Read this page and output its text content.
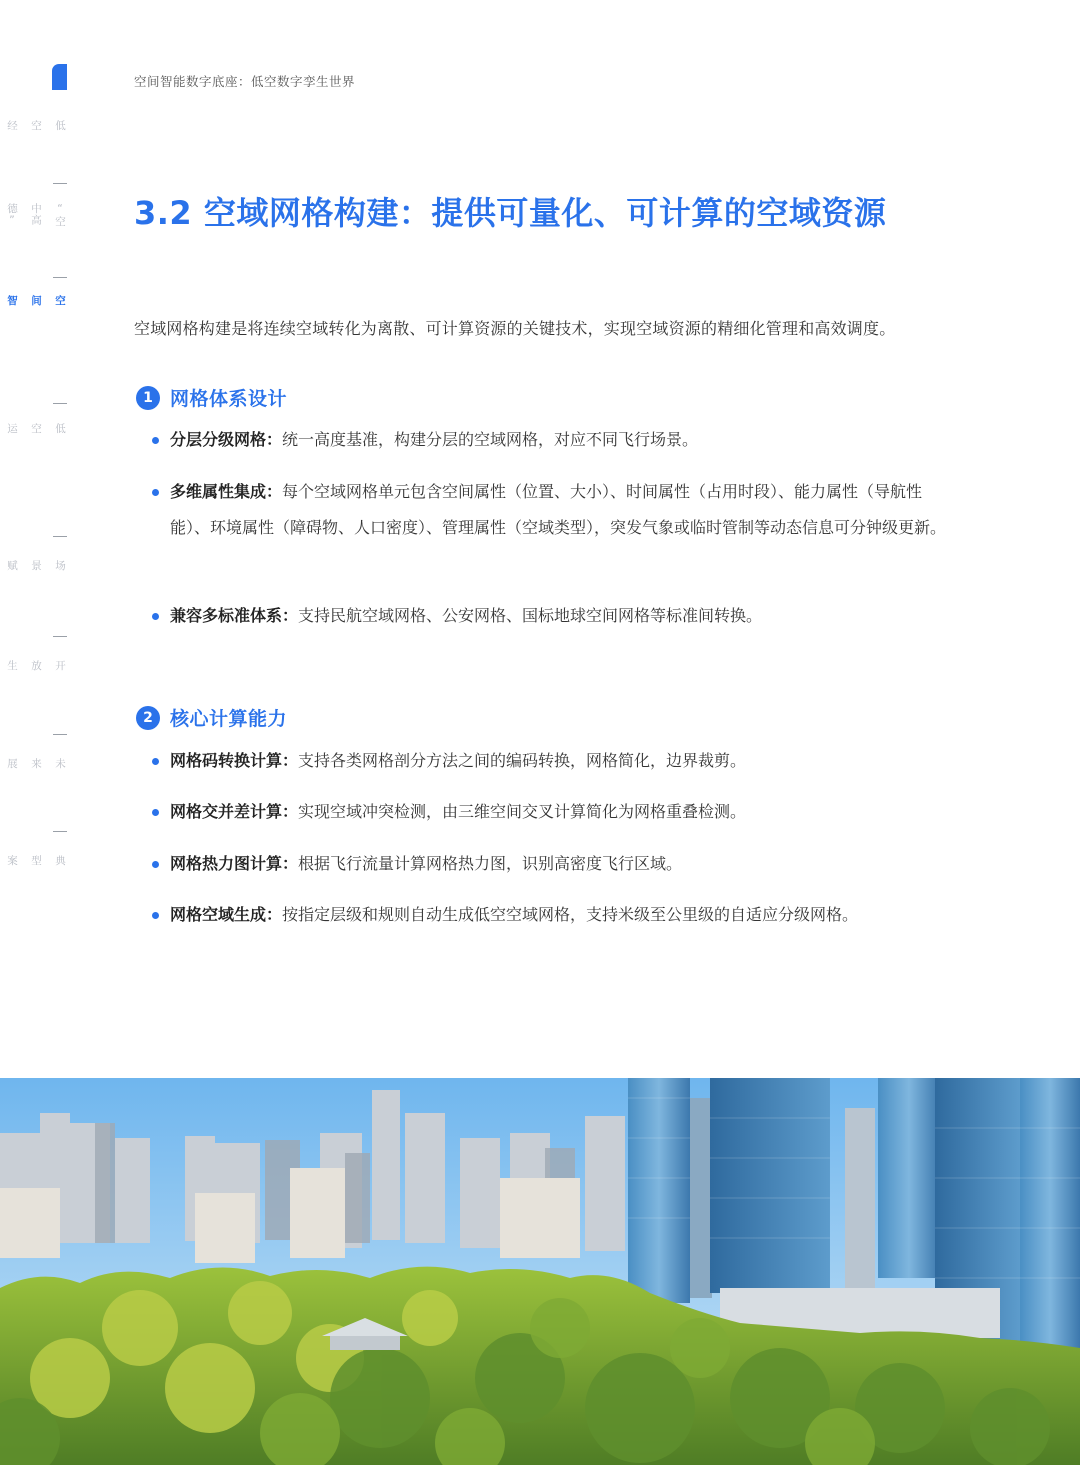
空间智能数字底座：低空数字孪生世界
低空经
“空中高德”
空间智
低空运
场景赋
开放生
未来展
典型案
3.2 空域网格构建：提供可量化、可计算的空域资源

空域网格构建是将连续空域转化为离散、可计算资源的关键技术，实现空域资源的精细化管理和高效调度。

1 网格体系设计
分层分级网格：统一高度基准，构建分层的空域网格，对应不同飞行场景。
多维属性集成：每个空域网格单元包含空间属性（位置、大小）、时间属性（占用时段）、能力属性（导航性能）、环境属性（障碍物、人口密度）、管理属性（空域类型），突发气象或临时管制等动态信息可分钟级更新。
兼容多标准体系：支持民航空域网格、公安网格、国标地球空间网格等标准间转换。
2 核心计算能力
网格码转换计算：支持各类网格剖分方法之间的编码转换，网格简化，边界裁剪。
网格交并差计算：实现空域冲突检测，由三维空间交叉计算简化为网格重叠检测。
网格热力图计算：根据飞行流量计算网格热力图，识别高密度飞行区域。
网格空域生成：按指定层级和规则自动生成低空空域网格，支持米级至公里级的自适应分级网格。
